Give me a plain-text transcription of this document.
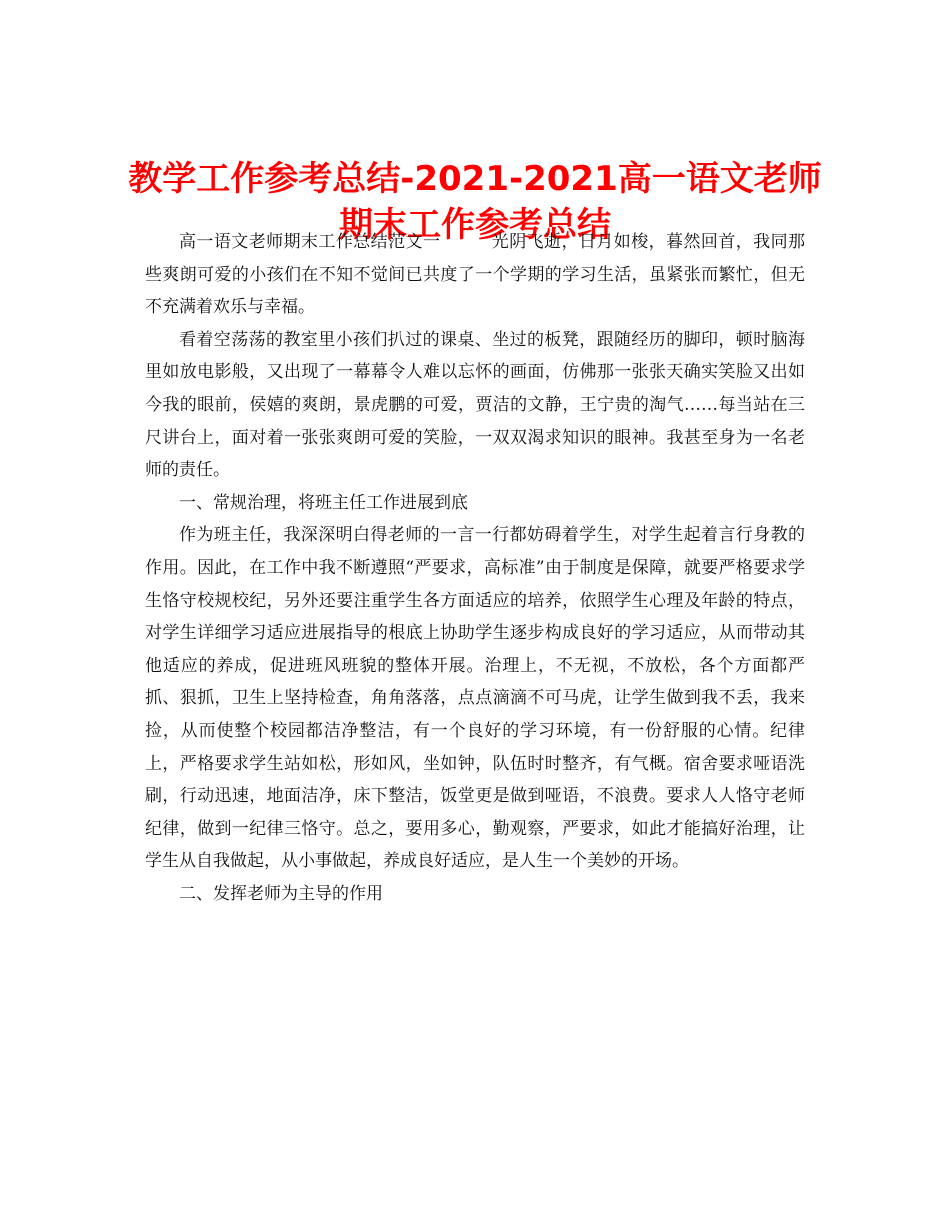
教学工作参考总结-2021-2021高一语文老师期末工作参考总结

高一语文老师期末工作总结范文一	光阴飞逝，日月如梭，暮然回首，我同那些爽朗可爱的小孩们在不知不觉间已共度了一个学期的学习生活，虽紧张而繁忙，但无不充满着欢乐与幸福。

看着空荡荡的教室里小孩们扒过的课桌、坐过的板凳，跟随经历的脚印，顿时脑海里如放电影般，又出现了一幕幕令人难以忘怀的画面，仿佛那一张张天确实笑脸又出如今我的眼前，侯嬉的爽朗，景虎鹏的可爱，贾洁的文静，王宁贵的淘气……每当站在三尺讲台上，面对着一张张爽朗可爱的笑脸，一双双渴求知识的眼神。我甚至身为一名老师的责任。

一、常规治理，将班主任工作进展到底

作为班主任，我深深明白得老师的一言一行都妨碍着学生，对学生起着言行身教的作用。因此，在工作中我不断遵照“严要求，高标准”由于制度是保障，就要严格要求学生恪守校规校纪，另外还要注重学生各方面适应的培养，依照学生心理及年龄的特点，对学生详细学习适应进展指导的根底上协助学生逐步构成良好的学习适应，从而带动其他适应的养成，促进班风班貌的整体开展。治理上，不无视，不放松，各个方面都严抓、狠抓，卫生上坚持检查，角角落落，点点滴滴不可马虎，让学生做到我不丢，我来捡，从而使整个校园都洁净整洁，有一个良好的学习环境，有一份舒服的心情。纪律上，严格要求学生站如松，形如风，坐如钟，队伍时时整齐，有气概。宿舍要求哑语洗刷，行动迅速，地面洁净，床下整洁，饭堂更是做到哑语，不浪费。要求人人恪守老师纪律，做到一纪律三恪守。总之，要用多心，勤观察，严要求，如此才能搞好治理，让学生从自我做起，从小事做起，养成良好适应，是人生一个美妙的开场。

二、发挥老师为主导的作用
